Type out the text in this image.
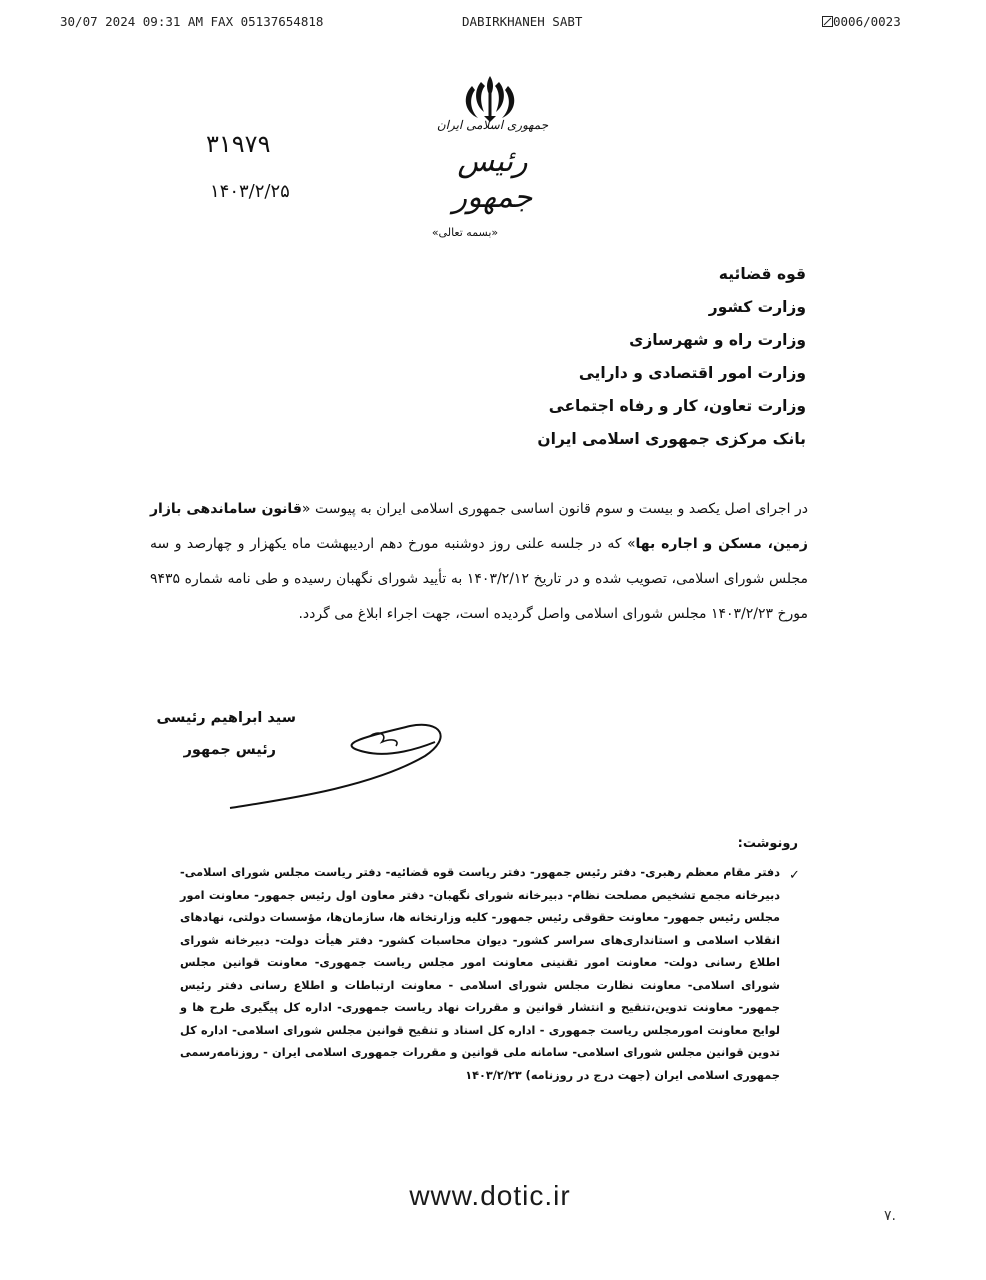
30/07 2024 09:31 AM FAX 05137654818	DABIRKHANEH SABT	0006/0023
جمهوری اسلامی ایران
رئیس جمهور
۳۱۹۷۹
۱۴۰۳/۲/۲۵
«بسمه تعالی»
قوه قضائیه
وزارت کشور
وزارت راه و شهرسازی
وزارت امور اقتصادی و دارایی
وزارت تعاون، کار و رفاه اجتماعی
بانک مرکزی جمهوری اسلامی ایران
در اجرای اصل یکصد و بیست و سوم قانون اساسی جمهوری اسلامی ایران به پیوست «قانون ساماندهی بازار زمین، مسکن و اجاره بها» که در جلسه علنی روز دوشنبه مورخ دهم اردیبهشت ماه یکهزار و چهارصد و سه مجلس شورای اسلامی، تصویب شده و در تاریخ ۱۴۰۳/۲/۱۲ به تأیید شورای نگهبان رسیده و طی نامه شماره ۹۴۳۵ مورخ ۱۴۰۳/۲/۲۳ مجلس شورای اسلامی واصل گردیده است، جهت اجراء ابلاغ می گردد.
سید ابراهیم رئیسی
رئیس جمهور
رونوشت:
✓
دفتر مقام معظم رهبری- دفتر رئیس جمهور- دفتر ریاست قوه قضائیه- دفتر ریاست مجلس شورای اسلامی- دبیرخانه مجمع تشخیص مصلحت نظام- دبیرخانه شورای نگهبان- دفتر معاون اول رئیس جمهور- معاونت امور مجلس رئیس جمهور- معاونت حقوقی رئیس جمهور- کلیه وزارتخانه ها، سازمان‌ها، مؤسسات دولتی، نهادهای انقلاب اسلامی و استانداری‌های سراسر کشور- دیوان محاسبات کشور- دفتر هیأت دولت- دبیرخانه شورای اطلاع رسانی دولت- معاونت امور تقنینی معاونت امور مجلس ریاست جمهوری- معاونت قوانین مجلس شورای اسلامی- معاونت نظارت مجلس شورای اسلامی - معاونت ارتباطات و اطلاع رسانی دفتر رئیس جمهور- معاونت تدوین،تنقیح و انتشار قوانین و مقررات نهاد ریاست جمهوری- اداره کل پیگیری طرح ها و لوایح معاونت امورمجلس ریاست جمهوری - اداره کل اسناد و تنقیح قوانین مجلس شورای اسلامی- اداره کل تدوین قوانین مجلس شورای اسلامی- سامانه ملی قوانین و مقررات جمهوری اسلامی ایران - روزنامه‌رسمی جمهوری اسلامی ایران (جهت درج در روزنامه) ۱۴۰۳/۲/۲۳
www.dotic.ir
۷.
